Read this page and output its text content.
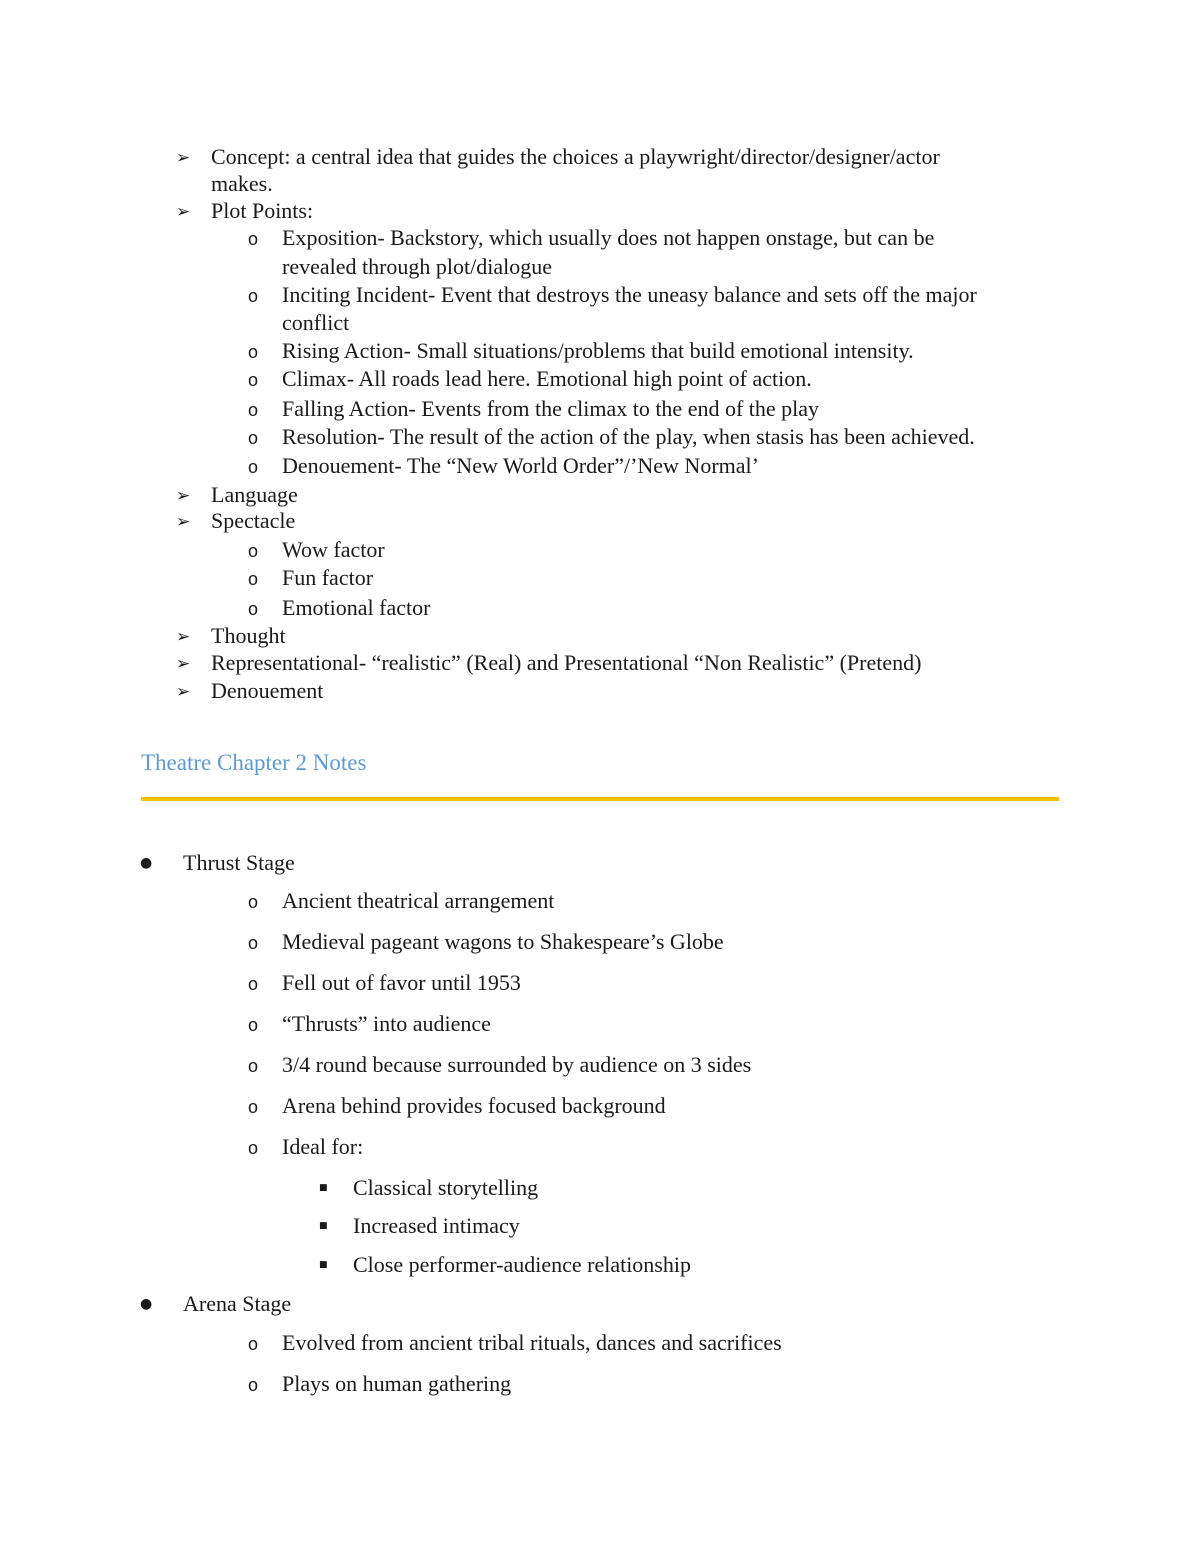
➢ Concept: a central idea that guides the choices a playwright/director/designer/actor
makes.
➢ Plot Points:
o Exposition- Backstory, which usually does not happen onstage, but can be
revealed through plot/dialogue
o Inciting Incident- Event that destroys the uneasy balance and sets off the major
conflict
o Rising Action- Small situations/problems that build emotional intensity.
o Climax- All roads lead here. Emotional high point of action.
o Falling Action- Events from the climax to the end of the play
o Resolution- The result of the action of the play, when stasis has been achieved.
o Denouement- The “New World Order”/’New Normal’
➢ Language
➢ Spectacle
o Wow factor
o Fun factor
o Emotional factor
➢ Thought
➢ Representational- “realistic” (Real) and Presentational “Non Realistic” (Pretend)
➢ Denouement
Theatre Chapter 2 Notes
● Thrust Stage
o Ancient theatrical arrangement
o Medieval pageant wagons to Shakespeare’s Globe
o Fell out of favor until 1953
o “Thrusts” into audience
o 3/4 round because surrounded by audience on 3 sides
o Arena behind provides focused background
o Ideal for:
■ Classical storytelling
■ Increased intimacy
■ Close performer-audience relationship
● Arena Stage
o Evolved from ancient tribal rituals, dances and sacrifices
o Plays on human gathering
